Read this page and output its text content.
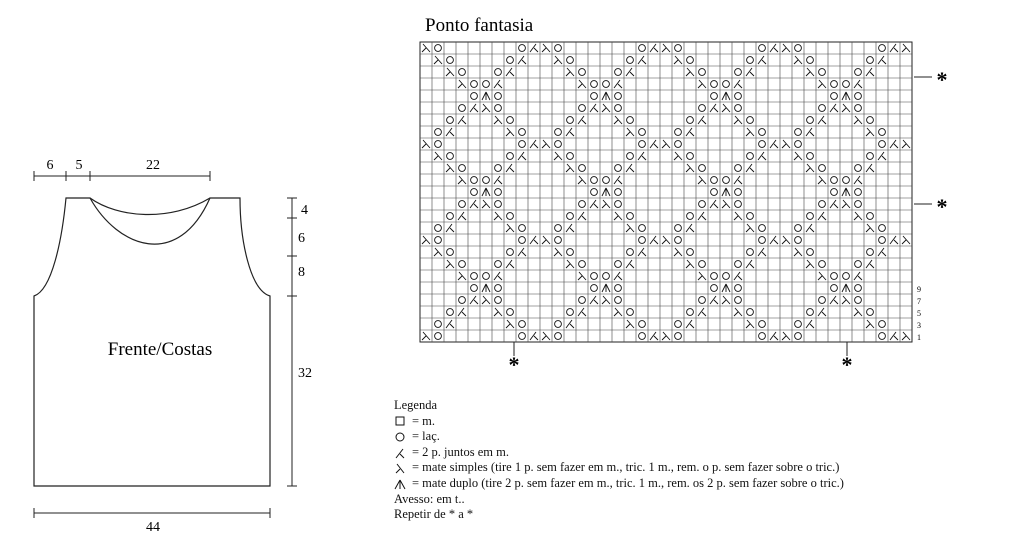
6 5	22
4
6
8
32
44
Frente/Costas
Ponto fantasia
9
7
5
3
1
*
*
*	*
Legenda
= m.
= laç.
= 2 p. juntos em m.
= mate simples (tire 1 p. sem fazer em m., tric. 1 m., rem. o p. sem fazer sobre o tric.)
= mate duplo (tire 2 p. sem fazer em m., tric. 1 m., rem. os 2 p. sem fazer sobre o tric.)
Avesso: em t..
Repetir de * a *
